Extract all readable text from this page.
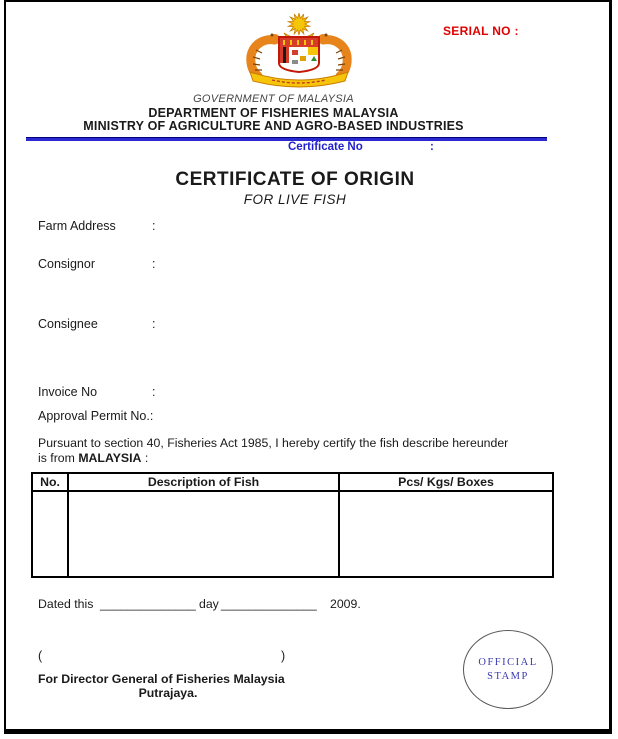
SERIAL NO :
GOVERNMENT OF MALAYSIA
DEPARTMENT OF FISHERIES MALAYSIA
MINISTRY OF AGRICULTURE AND AGRO-BASED INDUSTRIES
Certificate No	:
CERTIFICATE OF ORIGIN
FOR LIVE FISH
Farm Address	:
Consignor	:
Consignee	:
Invoice No	:
Approval Permit No.:
Pursuant to section 40, Fisheries Act 1985, I hereby certify the fish describe hereunder
is from MALAYSIA :
No.	Description of Fish	Pcs/ Kgs/ Boxes

Dated this ______________ day ______________ 2009.
(	)
For Director General of Fisheries Malaysia
Putrajaya.
OFFICIAL
STAMP
